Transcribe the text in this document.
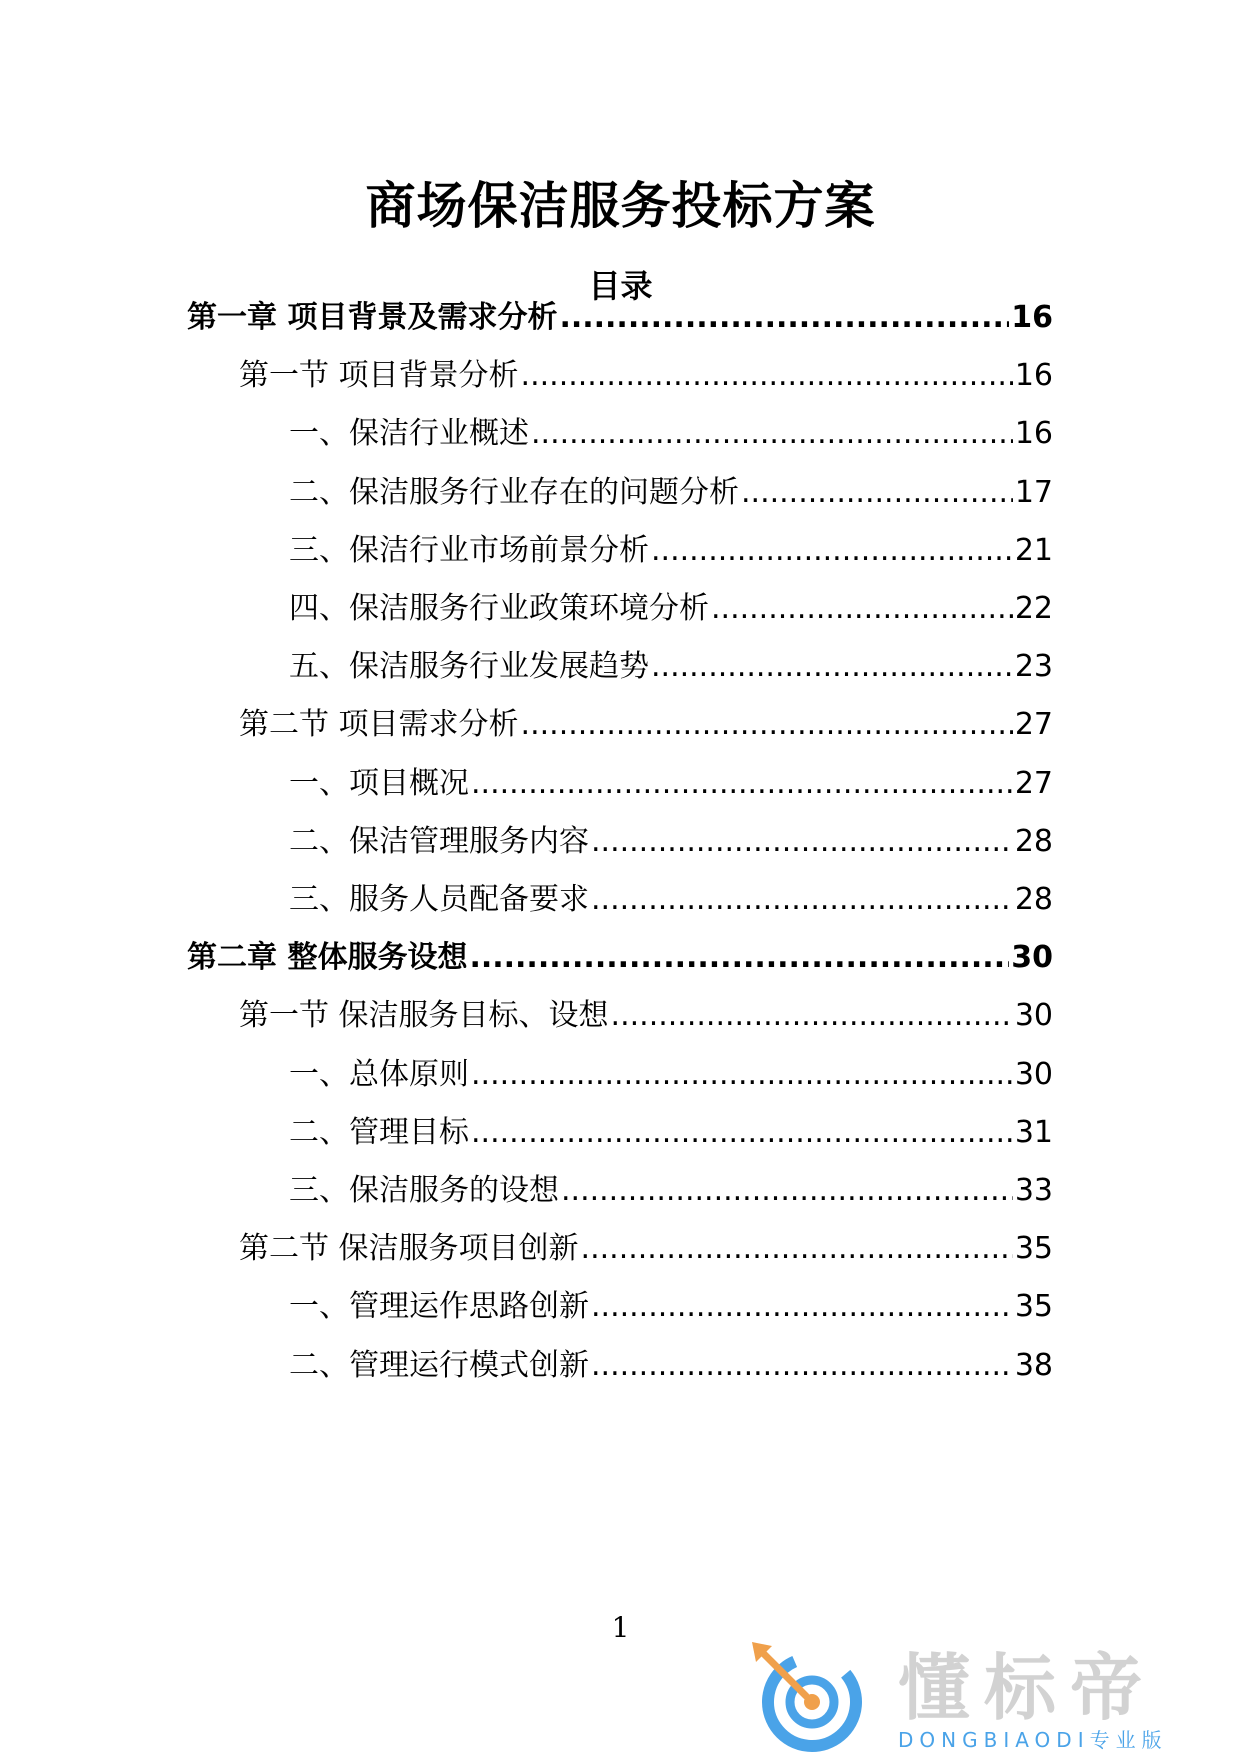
商场保洁服务投标方案
目录
第一章 项目背景及需求分析 .....	16
第一节 项目背景分析 .....	16
一、保洁行业概述 .....	16
二、保洁服务行业存在的问题分析 .....	17
三、保洁行业市场前景分析 .....	21
四、保洁服务行业政策环境分析 .....	22
五、保洁服务行业发展趋势 .....	23
第二节 项目需求分析 .....	27
一、项目概况 .....	27
二、保洁管理服务内容 .....	28
三、服务人员配备要求 .....	28
第二章 整体服务设想 .....	30
第一节 保洁服务目标、设想 .....	30
一、总体原则 .....	30
二、管理目标 .....	31
三、保洁服务的设想 .....	33
第二节 保洁服务项目创新 .....	35
一、管理运作思路创新 .....	35
二、管理运行模式创新 .....	38
1
懂标帝
DONGBIAODI专业版
